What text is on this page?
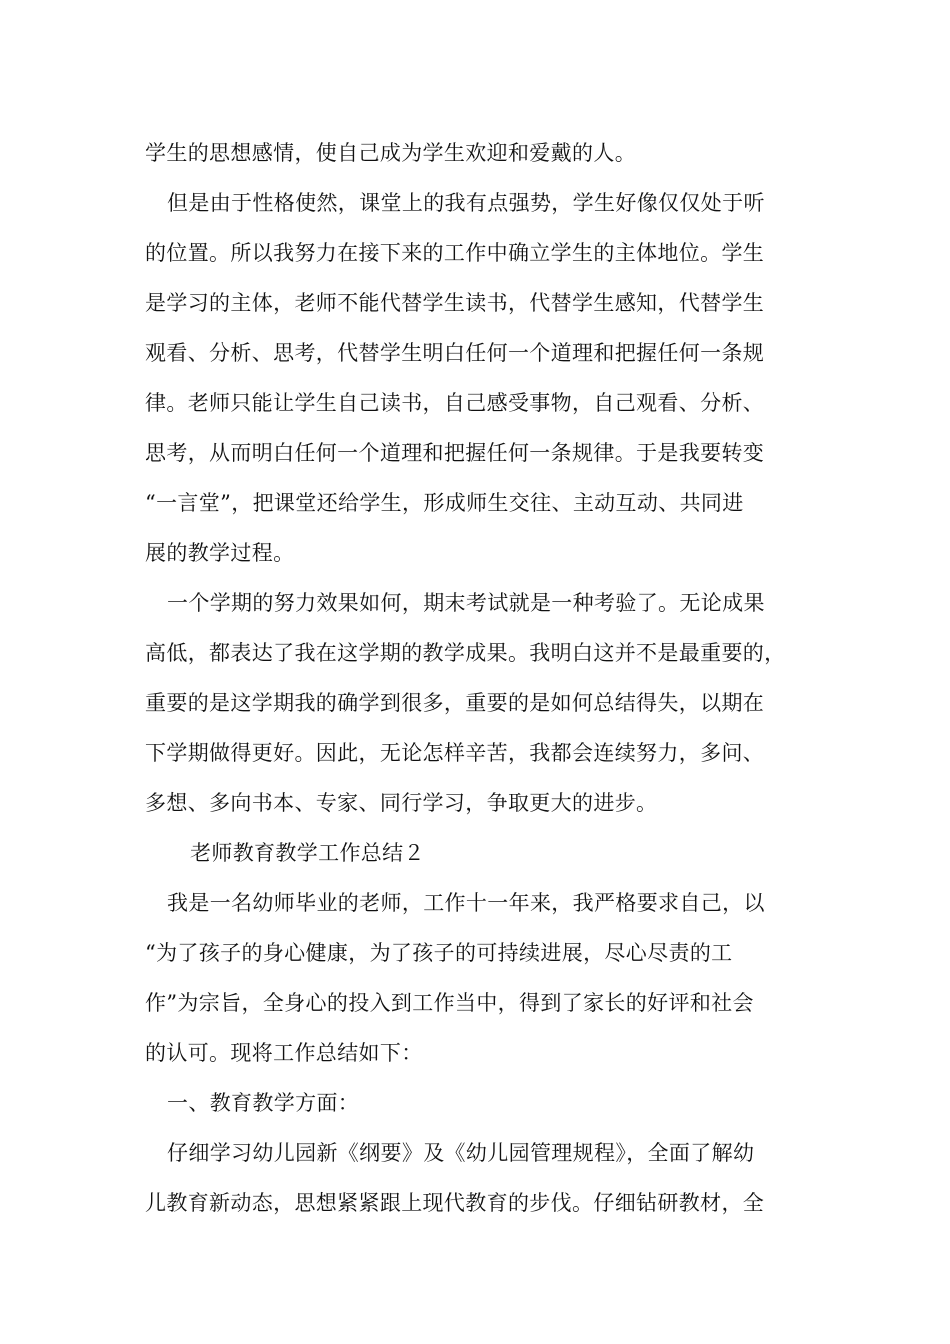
学生的思想感情，使自己成为学生欢迎和爱戴的人。
但是由于性格使然，课堂上的我有点强势，学生好像仅仅处于听
的位置。所以我努力在接下来的工作中确立学生的主体地位。学生
是学习的主体，老师不能代替学生读书，代替学生感知，代替学生
观看、分析、思考，代替学生明白任何一个道理和把握任何一条规
律。老师只能让学生自己读书，自己感受事物，自己观看、分析、
思考，从而明白任何一个道理和把握任何一条规律。于是我要转变
“一言堂”，把课堂还给学生，形成师生交往、主动互动、共同进
展的教学过程。
一个学期的努力效果如何，期末考试就是一种考验了。无论成果
高低，都表达了我在这学期的教学成果。我明白这并不是最重要的，
重要的是这学期我的确学到很多，重要的是如何总结得失，以期在
下学期做得更好。因此，无论怎样辛苦，我都会连续努力，多问、
多想、多向书本、专家、同行学习，争取更大的进步。
老师教育教学工作总结２
我是一名幼师毕业的老师，工作十一年来，我严格要求自己，以
“为了孩子的身心健康，为了孩子的可持续进展，尽心尽责的工
作”为宗旨，全身心的投入到工作当中，得到了家长的好评和社会
的认可。现将工作总结如下：
一、教育教学方面：
仔细学习幼儿园新《纲要》及《幼儿园管理规程》，全面了解幼
儿教育新动态，思想紧紧跟上现代教育的步伐。仔细钻研教材，全
